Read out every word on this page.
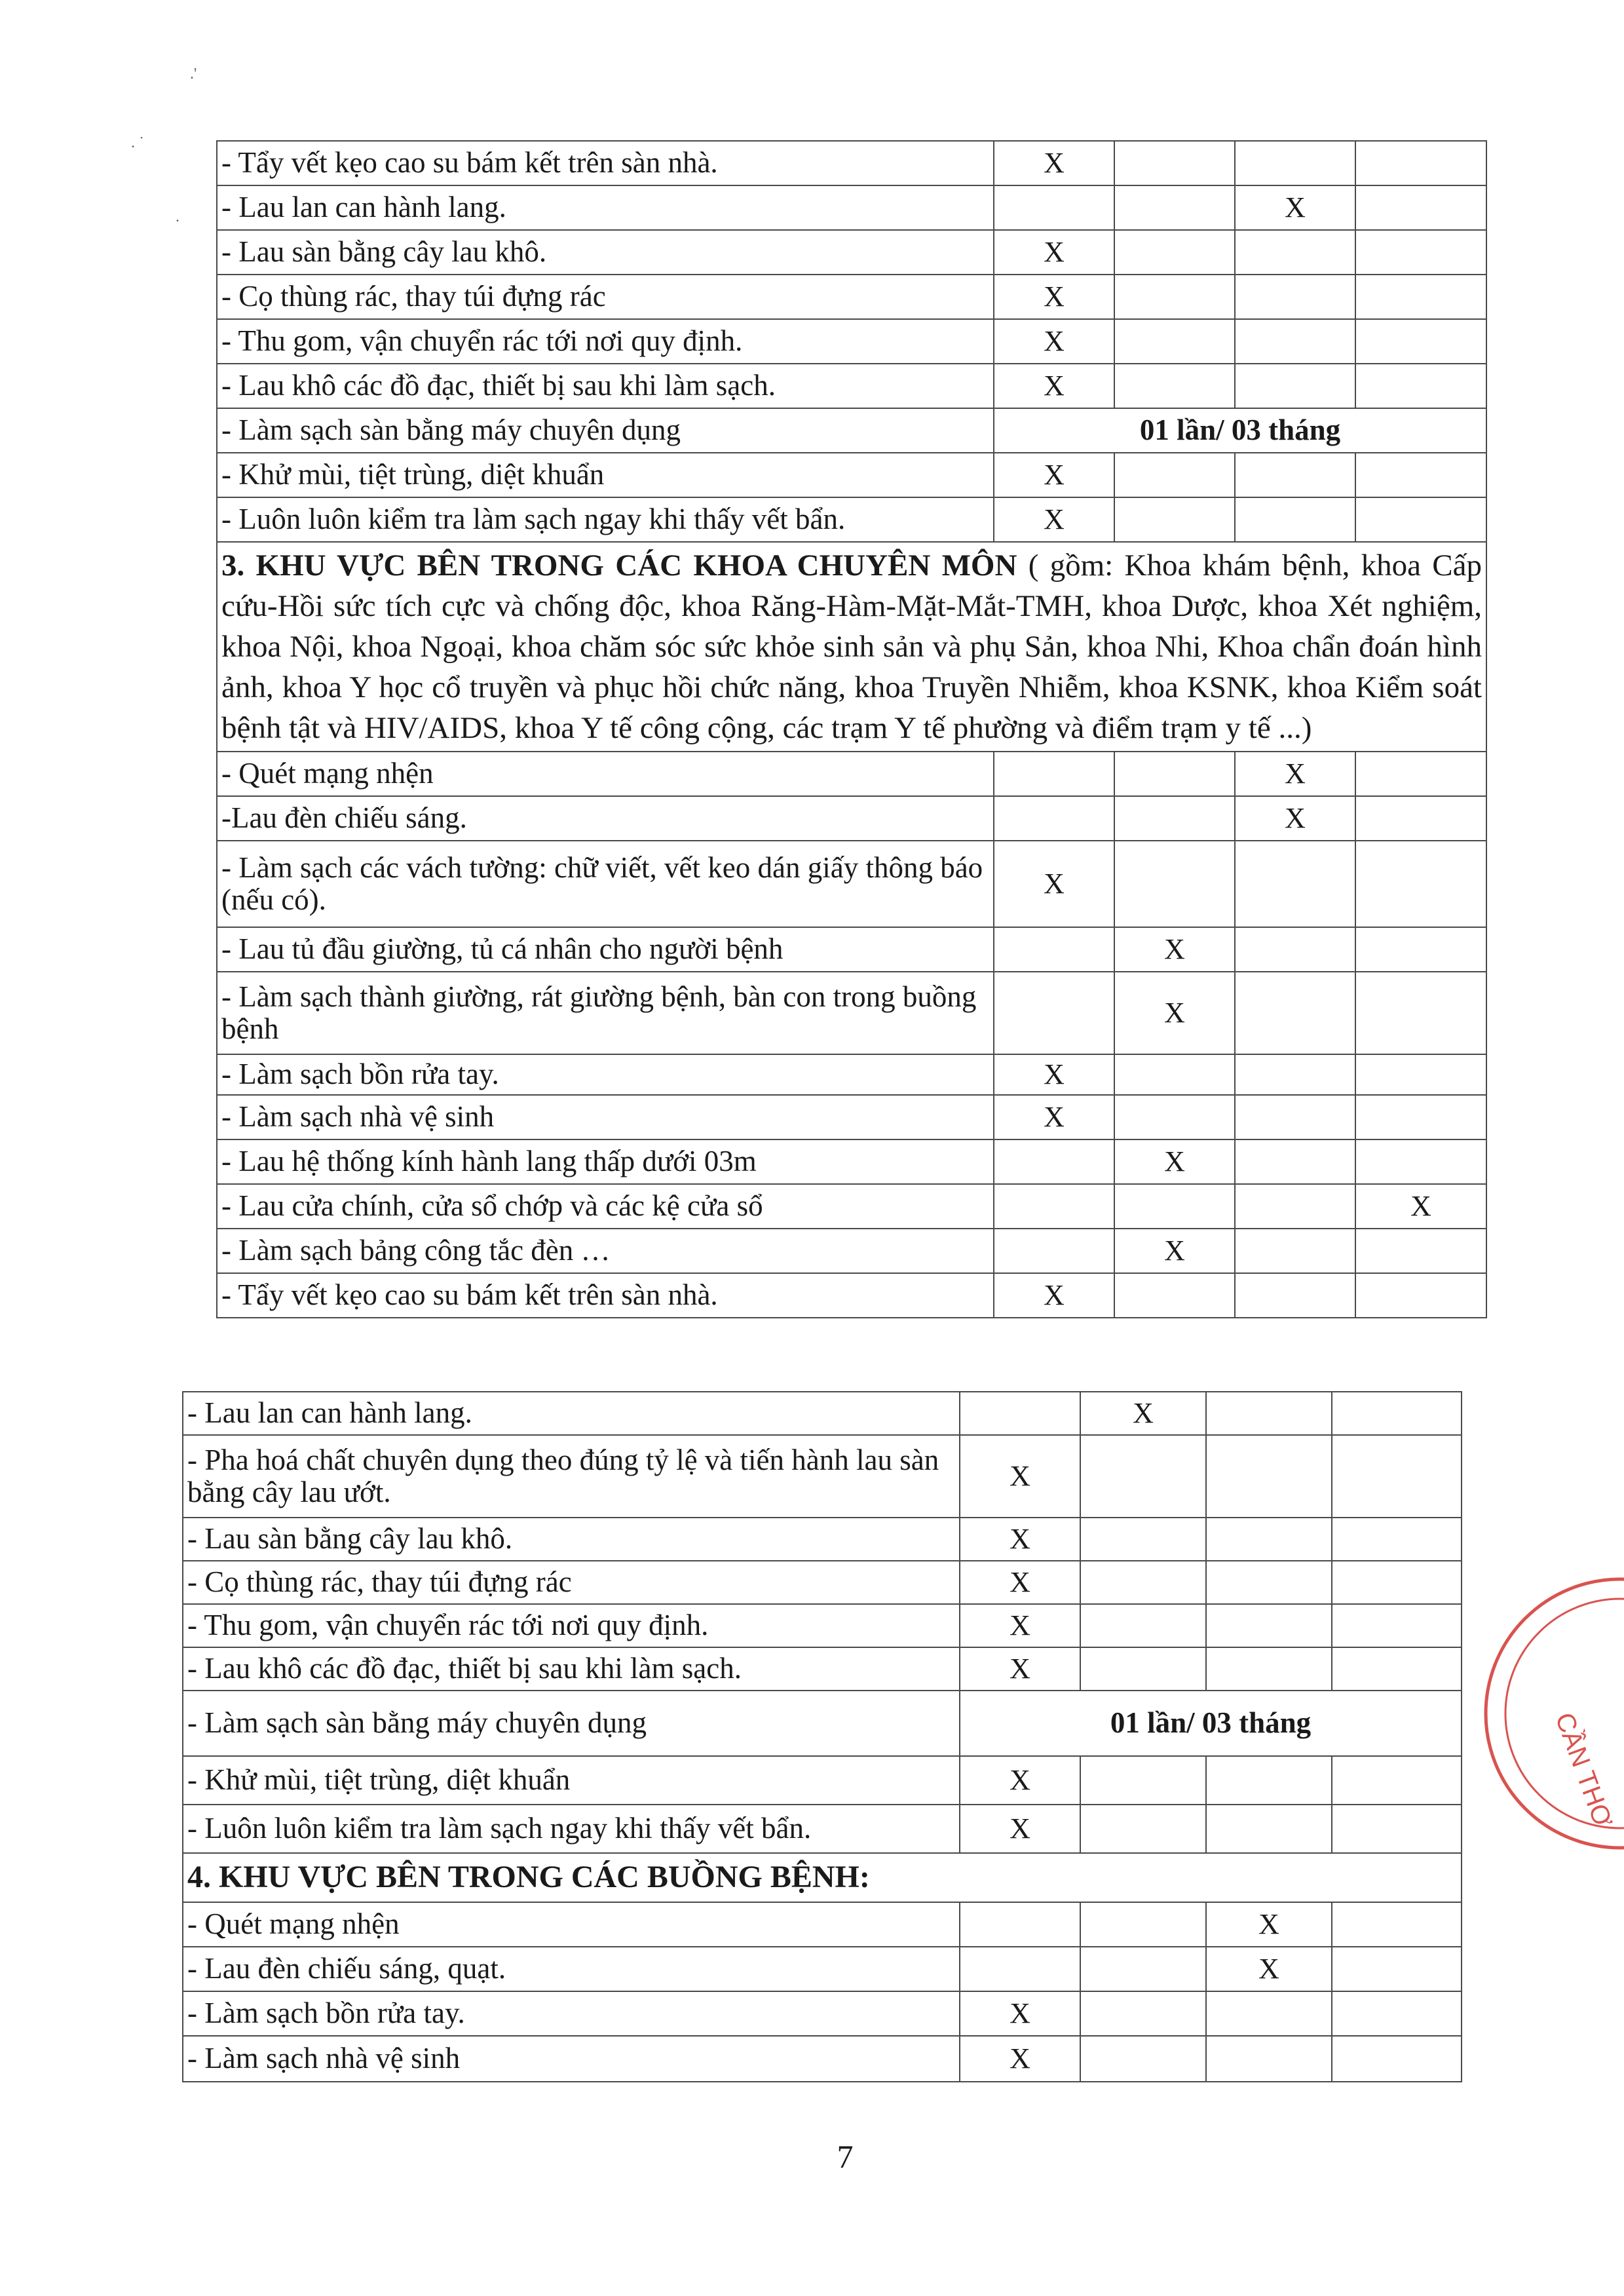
.'
. ˙
.
- Tẩy vết kẹo cao su bám kết trên sàn nhà.	X			
- Lau lan can hành lang.			X	
- Lau sàn bằng cây lau khô.	X			
- Cọ thùng rác, thay túi đựng rác	X			
- Thu gom, vận chuyển rác tới nơi quy định.	X			
- Lau khô các đồ đạc, thiết bị sau khi làm sạch.	X			
- Làm sạch sàn bằng máy chuyên dụng	01 lần/ 03 tháng			
- Khử mùi, tiệt trùng, diệt khuẩn	X			
- Luôn luôn kiểm tra làm sạch ngay khi thấy vết bẩn.	X			
3. KHU VỰC BÊN TRONG CÁC KHOA CHUYÊN MÔN ( gồm: Khoa khám bệnh, khoa Cấp cứu-Hồi sức tích cực và chống độc, khoa Răng-Hàm-Mặt-Mắt-TMH, khoa Dược, khoa Xét nghiệm, khoa Nội, khoa Ngoại, khoa chăm sóc sức khỏe sinh sản và phụ Sản, khoa Nhi, Khoa chẩn đoán hình ảnh, khoa Y học cổ truyền và phục hồi chức năng, khoa Truyền Nhiễm, khoa KSNK, khoa Kiểm soát bệnh tật và HIV/AIDS, khoa Y tế công cộng, các trạm Y tế phường và điểm trạm y tế ...)				
- Quét mạng nhện			X	
-Lau đèn chiếu sáng.			X	
- Làm sạch các vách tường: chữ viết, vết keo dán giấy thông báo (nếu có).	X			
- Lau tủ đầu giường, tủ cá nhân cho người bệnh		X		
- Làm sạch thành giường, rát giường bệnh, bàn con trong buồng bệnh		X		
- Làm sạch bồn rửa tay.	X			
- Làm sạch nhà vệ sinh	X			
- Lau hệ thống kính hành lang thấp dưới 03m		X		
- Lau cửa chính, cửa sổ chớp và các kệ cửa sổ				X
- Làm sạch bảng công tắc đèn …		X		
- Tẩy vết kẹo cao su bám kết trên sàn nhà.	X			
- Lau lan can hành lang.		X		
- Pha hoá chất chuyên dụng theo đúng tỷ lệ và tiến hành lau sàn bằng cây lau ướt.	X			
- Lau sàn bằng cây lau khô.	X			
- Cọ thùng rác, thay túi đựng rác	X			
- Thu gom, vận chuyển rác tới nơi quy định.	X			
- Lau khô các đồ đạc, thiết bị sau khi làm sạch.	X			
- Làm sạch sàn bằng máy chuyên dụng	01 lần/ 03 tháng			
- Khử mùi, tiệt trùng, diệt khuẩn	X			
- Luôn luôn kiểm tra làm sạch ngay khi thấy vết bẩn.	X			
4. KHU VỰC BÊN TRONG CÁC BUỒNG BỆNH:				
- Quét mạng nhện			X	
- Lau đèn chiếu sáng, quạt.			X	
- Làm sạch bồn rửa tay.	X			
- Làm sạch nhà vệ sinh	X			
CẦN THƠ
7
